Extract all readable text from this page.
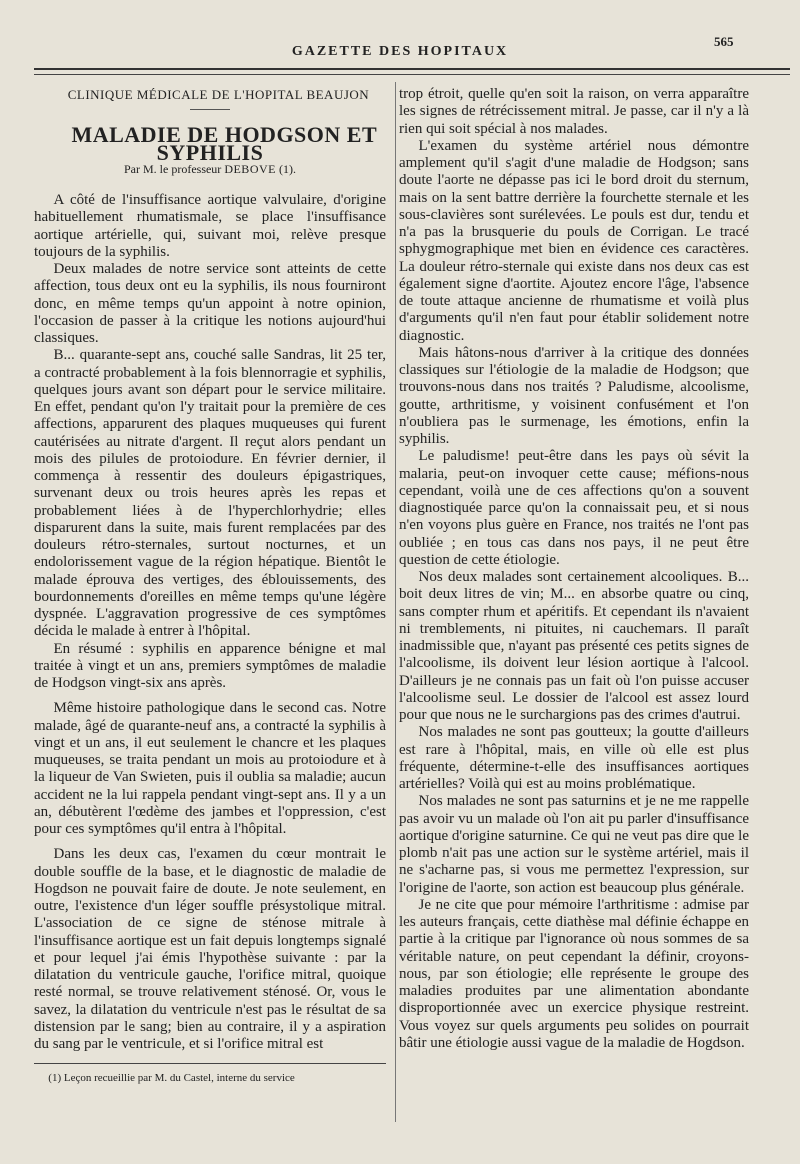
GAZETTE DES HOPITAUX
565

CLINIQUE MÉDICALE DE L'HOPITAL BEAUJON

MALADIE DE HODGSON ET SYPHILIS

Par M. le professeur DEBOVE (1).

A côté de l'insuffisance aortique valvulaire, d'origine habituellement rhumatismale, se place l'insuffisance aortique artérielle, qui, suivant moi, relève presque toujours de la syphilis.

Deux malades de notre service sont atteints de cette affection, tous deux ont eu la syphilis, ils nous fourniront donc, en même temps qu'un appoint à notre opinion, l'occasion de passer à la critique les notions aujourd'hui classiques.

B... quarante-sept ans, couché salle Sandras, lit 25 ter, a contracté probablement à la fois blennorragie et syphilis, quelques jours avant son départ pour le service militaire. En effet, pendant qu'on l'y traitait pour la première de ces affections, apparurent des plaques muqueuses qui furent cautérisées au nitrate d'argent. Il reçut alors pendant un mois des pilules de protoiodure. En février dernier, il commença à ressentir des douleurs épigastriques, survenant deux ou trois heures après les repas et probablement liées à de l'hyperchlorhydrie; elles disparurent dans la suite, mais furent remplacées par des douleurs rétro-sternales, surtout nocturnes, et un endolorissement vague de la région hépatique. Bientôt le malade éprouva des vertiges, des éblouissements, des bourdonnements d'oreilles en même temps qu'une légère dyspnée. L'aggravation progressive de ces symptômes décida le malade à entrer à l'hôpital.

En résumé : syphilis en apparence bénigne et mal traitée à vingt et un ans, premiers symptômes de maladie de Hodgson vingt-six ans après.

Même histoire pathologique dans le second cas. Notre malade, âgé de quarante-neuf ans, a contracté la syphilis à vingt et un ans, il eut seulement le chancre et les plaques muqueuses, se traita pendant un mois au protoiodure et à la liqueur de Van Swieten, puis il oublia sa maladie; aucun accident ne la lui rappela pendant vingt-sept ans. Il y a un an, débutèrent l'œdème des jambes et l'oppression, c'est pour ces symptômes qu'il entra à l'hôpital.

Dans les deux cas, l'examen du cœur montrait le double souffle de la base, et le diagnostic de maladie de Hogdson ne pouvait faire de doute. Je note seulement, en outre, l'existence d'un léger souffle présystolique mitral. L'association de ce signe de sténose mitrale à l'insuffisance aortique est un fait depuis longtemps signalé et pour lequel j'ai émis l'hypothèse suivante : par la dilatation du ventricule gauche, l'orifice mitral, quoique resté normal, se trouve relativement sténosé. Or, vous le savez, la dilatation du ventricule n'est pas le résultat de sa distension par le sang; bien au contraire, il y a aspiration du sang par le ventricule, et si l'orifice mitral est

(1) Leçon recueillie par M. du Castel, interne du service

trop étroit, quelle qu'en soit la raison, on verra apparaître les signes de rétrécissement mitral. Je passe, car il n'y a là rien qui soit spécial à nos malades.

L'examen du système artériel nous démontre amplement qu'il s'agit d'une maladie de Hodgson; sans doute l'aorte ne dépasse pas ici le bord droit du sternum, mais on la sent battre derrière la fourchette sternale et les sous-clavières sont surélevées. Le pouls est dur, tendu et n'a pas la brusquerie du pouls de Corrigan. Le tracé sphygmographique met bien en évidence ces caractères. La douleur rétro-sternale qui existe dans nos deux cas est également signe d'aortite. Ajoutez encore l'âge, l'absence de toute attaque ancienne de rhumatisme et voilà plus d'arguments qu'il n'en faut pour établir solidement notre diagnostic.

Mais hâtons-nous d'arriver à la critique des données classiques sur l'étiologie de la maladie de Hodgson; que trouvons-nous dans nos traités ? Paludisme, alcoolisme, goutte, arthritisme, y voisinent confusément et l'on n'oubliera pas le surmenage, les émotions, enfin la syphilis.

Le paludisme! peut-être dans les pays où sévit la malaria, peut-on invoquer cette cause; méfions-nous cependant, voilà une de ces affections qu'on a souvent diagnostiquée parce qu'on la connaissait peu, et si nous n'en voyons plus guère en France, nos traités ne l'ont pas oubliée ; en tous cas dans nos pays, il ne peut être question de cette étiologie.

Nos deux malades sont certainement alcooliques. B... boit deux litres de vin; M... en absorbe quatre ou cinq, sans compter rhum et apéritifs. Et cependant ils n'avaient ni tremblements, ni pituites, ni cauchemars. Il paraît inadmissible que, n'ayant pas présenté ces petits signes de l'alcoolisme, ils doivent leur lésion aortique à l'alcool. D'ailleurs je ne connais pas un fait où l'on puisse accuser l'alcoolisme seul. Le dossier de l'alcool est assez lourd pour que nous ne le surchargions pas des crimes d'autrui.

Nos malades ne sont pas goutteux; la goutte d'ailleurs est rare à l'hôpital, mais, en ville où elle est plus fréquente, détermine-t-elle des insuffisances aortiques artérielles? Voilà qui est au moins problématique.

Nos malades ne sont pas saturnins et je ne me rappelle pas avoir vu un malade où l'on ait pu parler d'insuffisance aortique d'origine saturnine. Ce qui ne veut pas dire que le plomb n'ait pas une action sur le système artériel, mais il ne s'acharne pas, si vous me permettez l'expression, sur l'origine de l'aorte, son action est beaucoup plus générale.

Je ne cite que pour mémoire l'arthritisme : admise par les auteurs français, cette diathèse mal définie échappe en partie à la critique par l'ignorance où nous sommes de sa véritable nature, on peut cependant la définir, croyons-nous, par son étiologie; elle représente le groupe des maladies produites par une alimentation abondante disproportionnée avec un exercice physique restreint. Vous voyez sur quels arguments peu solides on pourrait bâtir une étiologie aussi vague de la maladie de Hogdson.
